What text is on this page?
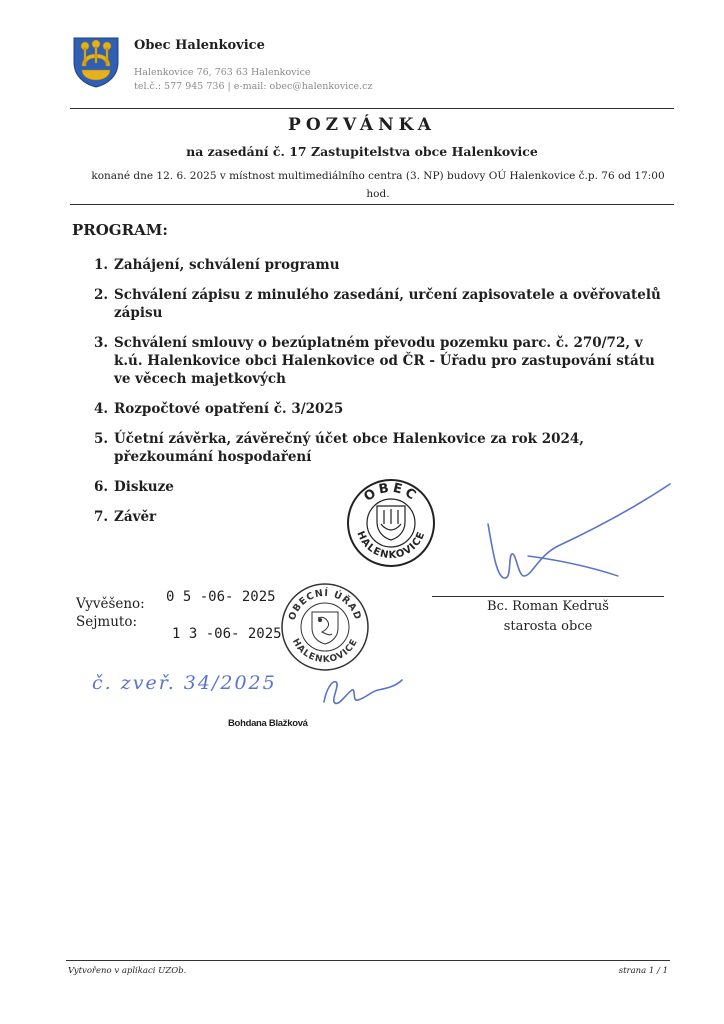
Obec Halenkovice
Halenkovice 76, 763 63 Halenkovice
tel.č.: 577 945 736 | e-mail: obec@halenkovice.cz
POZVÁNKA
na zasedání č. 17 Zastupitelstva obce Halenkovice
konané dne 12. 6. 2025 v místnost multimediálního centra (3. NP) budovy OÚ Halenkovice č.p. 76 od 17:00 hod.
PROGRAM:
1. Zahájení, schválení programu
2. Schválení zápisu z minulého zasedání, určení zapisovatele a ověřovatelů zápisu
3. Schválení smlouvy o bezúplatném převodu pozemku parc. č. 270/72, v k.ú. Halenkovice obci Halenkovice od ČR - Úřadu pro zastupování státu ve věcech majetkových
4. Rozpočtové opatření č. 3/2025
5. Účetní závěrka, závěrečný účet obce Halenkovice za rok 2024, přezkoumání hospodaření
6. Diskuze
7. Závěr
OBEC
HALENKOVICE
Bc. Roman Kedruš
starosta obce
Vyvěšeno: 0 5 -06- 2025
Sejmuto:
1 3 -06- 2025
OBECNÍ ÚŘAD
HALENKOVICE
č. zveř. 34/2025
Bohdana Blažková
Vytvořeno v aplikaci UZOb.	strana 1 / 1
